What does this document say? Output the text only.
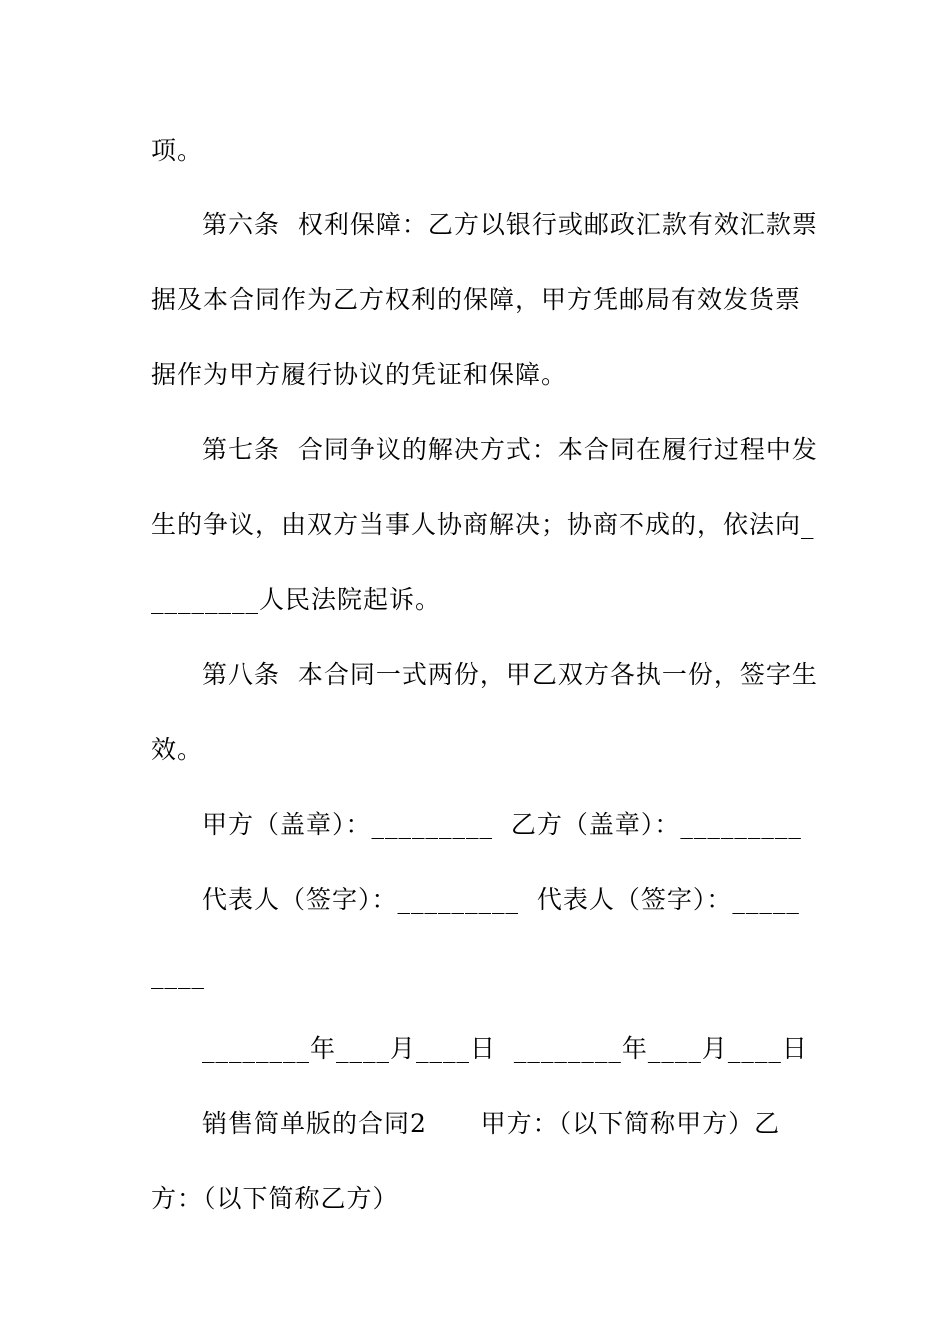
项。
第六条  权利保障：乙方以银行或邮政汇款有效汇款票
据及本合同作为乙方权利的保障，甲方凭邮局有效发货票
据作为甲方履行协议的凭证和保障。
第七条  合同争议的解决方式：本合同在履行过程中发
生的争议，由双方当事人协商解决；协商不成的，依法向_
________人民法院起诉。
第八条  本合同一式两份，甲乙双方各执一份，签字生
效。
甲方（盖章）：_________  乙方（盖章）：_________
代表人（签字）：_________  代表人（签字）：_____
____
________年____月____日  ________年____月____日
销售简单版的合同2      甲方：（以下简称甲方）乙
方：（以下简称乙方）
